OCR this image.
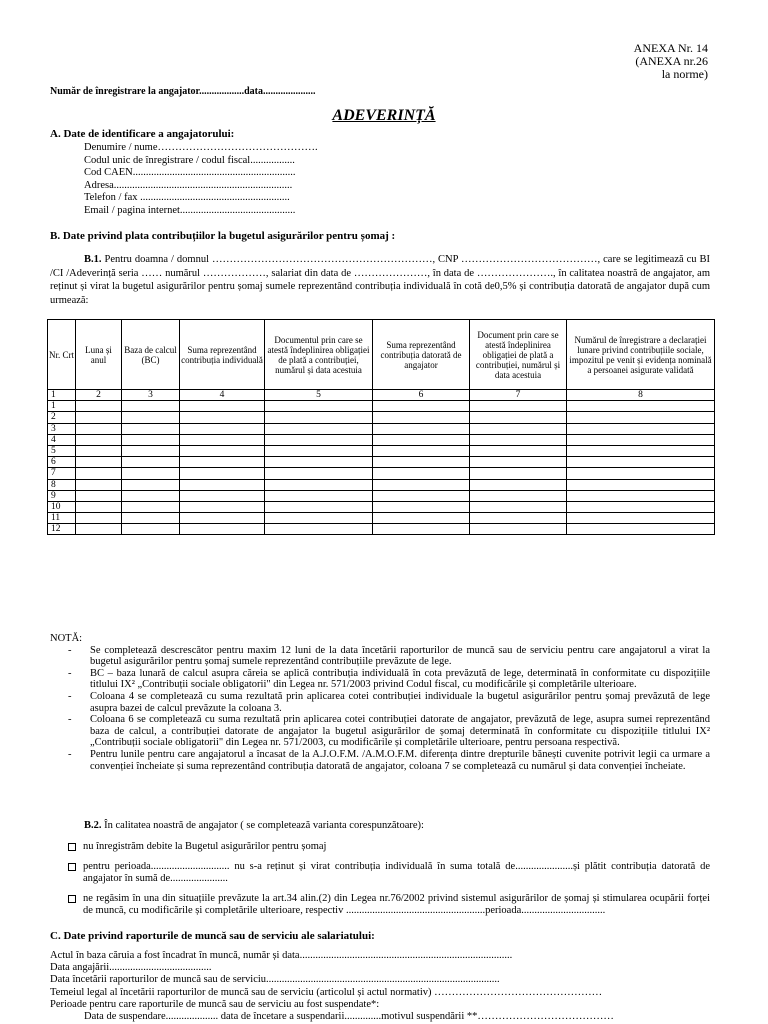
ANEXA Nr. 14
(ANEXA nr.26
la norme)
Număr de înregistrare la angajator..................data.....................
ADEVERINȚĂ
A. Date de identificare a angajatorului:
Denumire / nume……………………………………….
Codul unic de înregistrare / codul fiscal.................
Cod CAEN..............................................................
Adresa....................................................................
Telefon / fax .........................................................
Email / pagina internet............................................
B. Date privind plata contribuțiilor la bugetul asigurărilor pentru șomaj :

B.1. Pentru doamna / domnul ………………………………………………………, CNP …………………………………, care se legitimează cu BI /CI /Adeverință seria …… numărul ………………, salariat din data de …………………, în data de …………………., în calitatea noastră de angajator, am reținut și virat la bugetul asigurărilor pentru șomaj sumele reprezentând contribuția individuală în cotă de0,5% și contribuția datorată de angajator după cum urmează:

Nr. Crt	Luna și anul	Baza de calcul (BC)	Suma reprezentând contribuția individuală	Documentul prin care se atestă îndeplinirea obligației de plată a contribuției, numărul și data acestuia	Suma reprezentând contribuția datorată de angajator	Document prin care se atestă îndeplinirea obligației de plată a contribuției, numărul și data acestuia	Numărul de înregistrare a declarației lunare privind contribuțiile sociale, impozitul pe venit și evidența nominală a persoanei asigurate validată
1	2	3	4	5	6	7	8
1							
2							
3							
4							
5							
6							
7							
8							
9							
10							
11							
12							
NOTĂ:
- Se completează descrescător pentru maxim 12 luni de la data încetării raporturilor de muncă sau de serviciu pentru care angajatorul a virat la bugetul asigurărilor pentru șomaj sumele reprezentând contribuțiile prevăzute de lege.
- BC – baza lunară de calcul asupra căreia se aplică contribuția individuală în cota prevăzută de lege, determinată în conformitate cu dispozițiile titlului IX² „Contribuții sociale obligatorii" din Legea nr. 571/2003 privind Codul fiscal, cu modificările și completările ulterioare.
- Coloana 4 se completează cu suma rezultată prin aplicarea cotei contribuției individuale la bugetul asigurărilor pentru șomaj prevăzută de lege asupra bazei de calcul prevăzute la coloana 3.
- Coloana 6 se completează cu suma rezultată prin aplicarea cotei contribuției datorate de angajator, prevăzută de lege, asupra sumei reprezentând baza de calcul, a contribuției datorate de angajator la bugetul asigurărilor de șomaj determinată în conformitate cu dispozițiile titlului IX² „Contribuții sociale obligatorii" din Legea nr. 571/2003, cu modificările și completările ulterioare, pentru persoana respectivă.
- Pentru lunile pentru care angajatorul a încasat de la A.J.O.F.M. /A.M.O.F.M. diferența dintre drepturile bănești cuvenite potrivit legii ca urmare a convenției încheiate și suma reprezentând contribuția datorată de angajator, coloana 7 se completează cu numărul și data convenției încheiate.
B.2. În calitatea noastră de angajator ( se completează varianta corespunzătoare):
nu înregistrăm debite la Bugetul asigurărilor pentru șomaj
pentru perioada.............................. nu s-a reținut și virat contribuția individuală în suma totală de......................și plătit contribuția datorată de angajator în sumă de......................
ne regăsim în una din situațiile prevăzute la art.34 alin.(2) din Legea nr.76/2002 privind sistemul asigurărilor de șomaj și stimularea ocupării forței de muncă, cu modificările și completările ulterioare, respectiv .....................................................perioada................................
C. Date privind raporturile de muncă sau de serviciu ale salariatului:
Actul în baza căruia a fost încadrat în muncă, număr și data.................................................................................
Data angajării.......................................
Data încetării raporturilor de muncă sau de serviciu.........................................................................................
Temeiul legal al încetării raporturilor de muncă sau de serviciu (articolul și actul normativ) …………………………………………
Perioade pentru care raporturile de muncă sau de serviciu au fost suspendate*:
Data de suspendare.................... data de încetare a suspendarii..............motivul suspendării **…………………………………
